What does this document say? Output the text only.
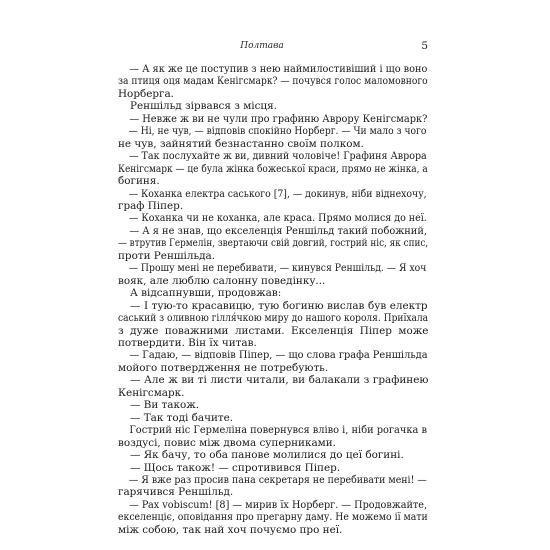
Полтава	5

— А як же це поступив з нею наймилостивіший і що воно
за птиця оця мадам Кенігсмарк? — почувся голос маломовного
Норберга.

Реншільд зірвався з місця.

— Невже ж ви не чули про графиню Аврору Кенігсмарк?

— Ні, не чув, — відповів спокійно Норберг. — Чи мало з чого
не чув, зайнятий безнастанно своїм полком.

— Так послухайте ж ви, дивний чоловіче! Графиня Аврора
Кенігсмарк — це була жінка божеської краси, прямо не жінка, а
богиня.

— Коханка електра саського [7], — докинув, ніби віднехочу,
граф Піпер.

— Коханка чи не коханка, але краса. Прямо молися до неї.

— А я не знав, що екселенція Реншільд такий побожний,
— втрутив Гермелін, звертаючи свій довгий, гострий ніс, як спис,
проти Реншільда.

— Прошу мені не перебивати, — кинувся Реншільд. — Я хоч
вояк, але люблю салонну поведінку...

А відсапнувши, продовжав:

— І тую-то красавицю, тую богиню вислав був електр
саський з оливною гілля́чкою миру до нашого короля. Приїхала
з дуже поважними листами. Екселенція Піпер може
потвердити. Він їх читав.

— Гадаю, — відповів Піпер, — що слова графа Реншільда
мойого потвердження не потребують.

— Але ж ви ті листи читали, ви балакали з графинею
Кенігсмарк.

— Ви також.

— Так тоді бачите.

Гострий ніс Гермеліна повернувся вліво і, ніби рогачка в
воздусі, повис між двома суперниками.

— Як бачу, то оба панове молилися до цеї богині.

— Щось також! — спротивився Піпер.

— Я вже раз просив пана секретаря не перебивати мені! —
гарячився Реншільд.

— Pax vobiscum! [8] — мирив їх Норберг. — Продовжайте,
екселенціє, оповідання про прегарну даму. Не можемо ії мати
між собою, так най хоч почуємо про неї.
